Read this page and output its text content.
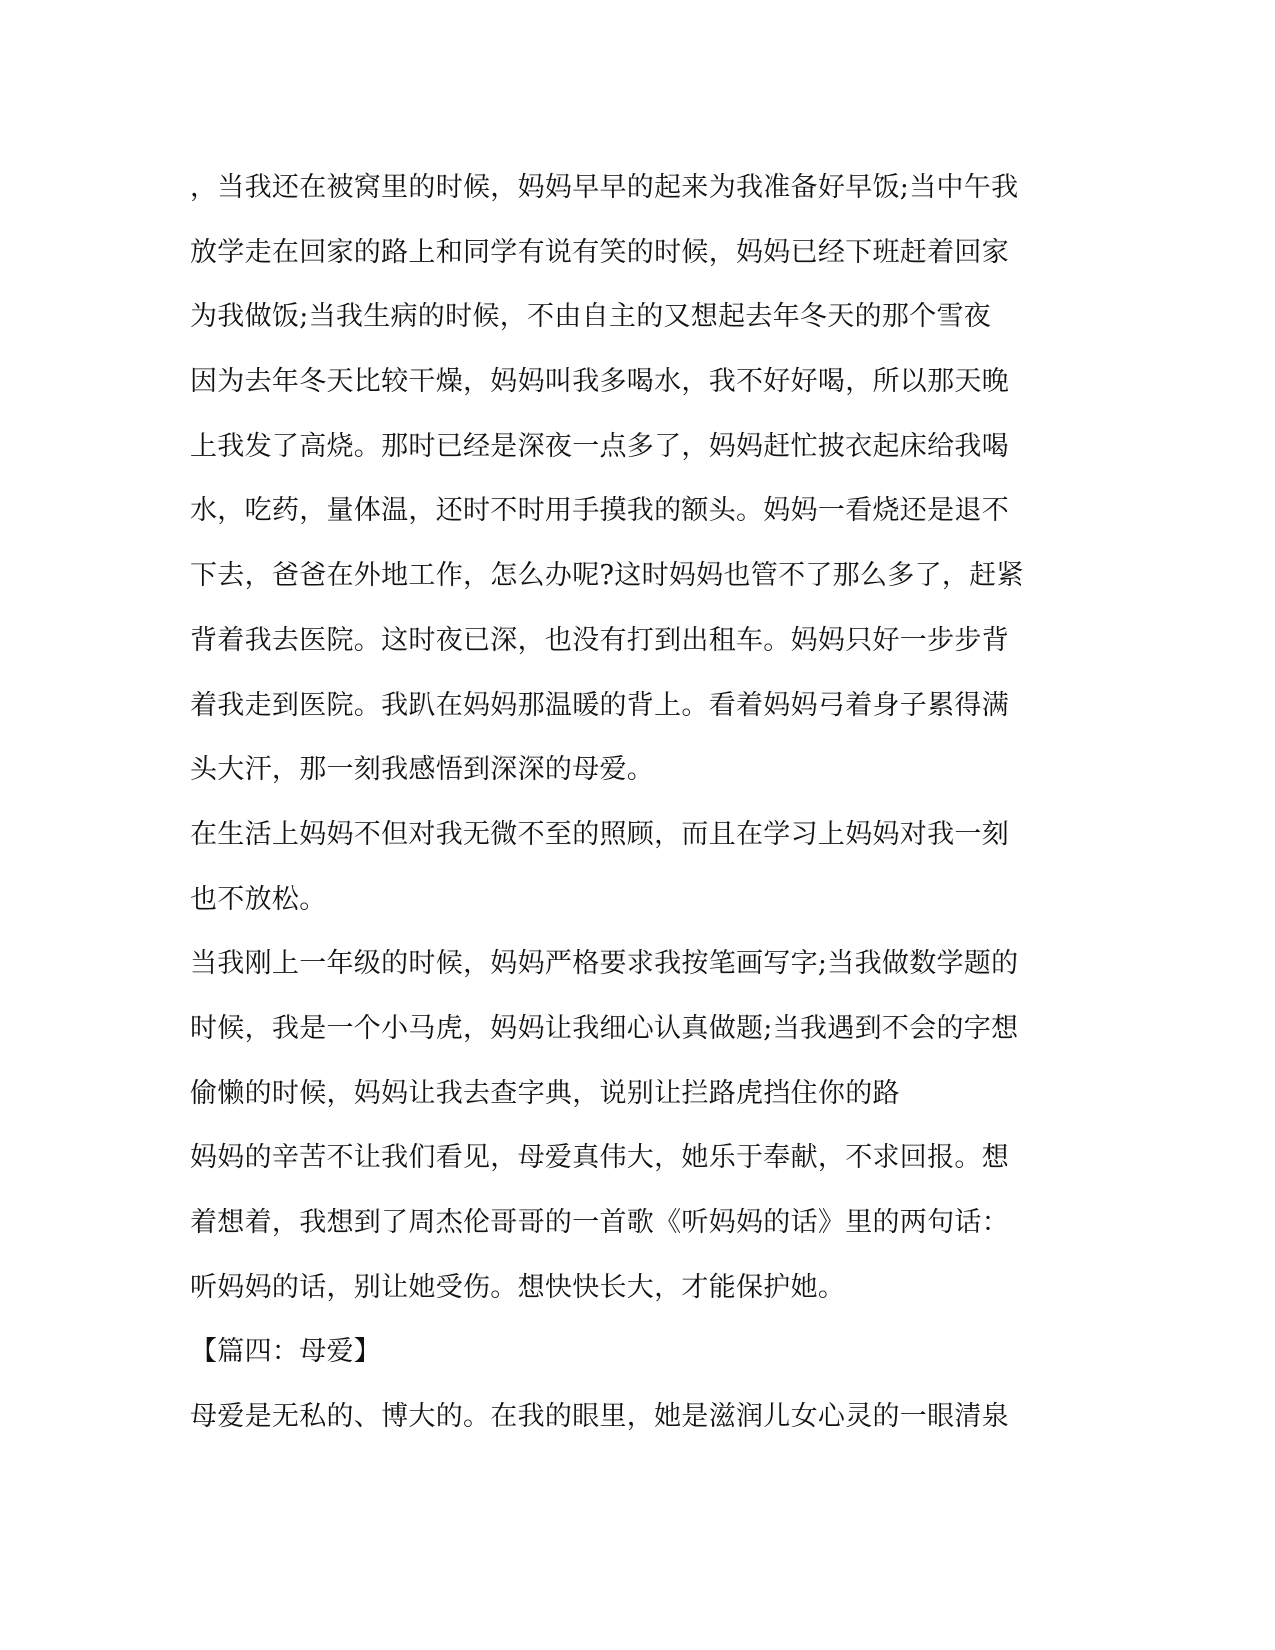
，当我还在被窝里的时候，妈妈早早的起来为我准备好早饭;当中午我
放学走在回家的路上和同学有说有笑的时候，妈妈已经下班赶着回家
为我做饭;当我生病的时候，不由自主的又想起去年冬天的那个雪夜
因为去年冬天比较干燥，妈妈叫我多喝水，我不好好喝，所以那天晚
上我发了高烧。那时已经是深夜一点多了，妈妈赶忙披衣起床给我喝
水，吃药，量体温，还时不时用手摸我的额头。妈妈一看烧还是退不
下去，爸爸在外地工作，怎么办呢?这时妈妈也管不了那么多了，赶紧
背着我去医院。这时夜已深，也没有打到出租车。妈妈只好一步步背
着我走到医院。我趴在妈妈那温暖的背上。看着妈妈弓着身子累得满
头大汗，那一刻我感悟到深深的母爱。
在生活上妈妈不但对我无微不至的照顾，而且在学习上妈妈对我一刻
也不放松。
当我刚上一年级的时候，妈妈严格要求我按笔画写字;当我做数学题的
时候，我是一个小马虎，妈妈让我细心认真做题;当我遇到不会的字想
偷懒的时候，妈妈让我去查字典，说别让拦路虎挡住你的路
妈妈的辛苦不让我们看见，母爱真伟大，她乐于奉献，不求回报。想
着想着，我想到了周杰伦哥哥的一首歌《听妈妈的话》里的两句话：
听妈妈的话，别让她受伤。想快快长大，才能保护她。
【篇四：母爱】
母爱是无私的、博大的。在我的眼里，她是滋润儿女心灵的一眼清泉
